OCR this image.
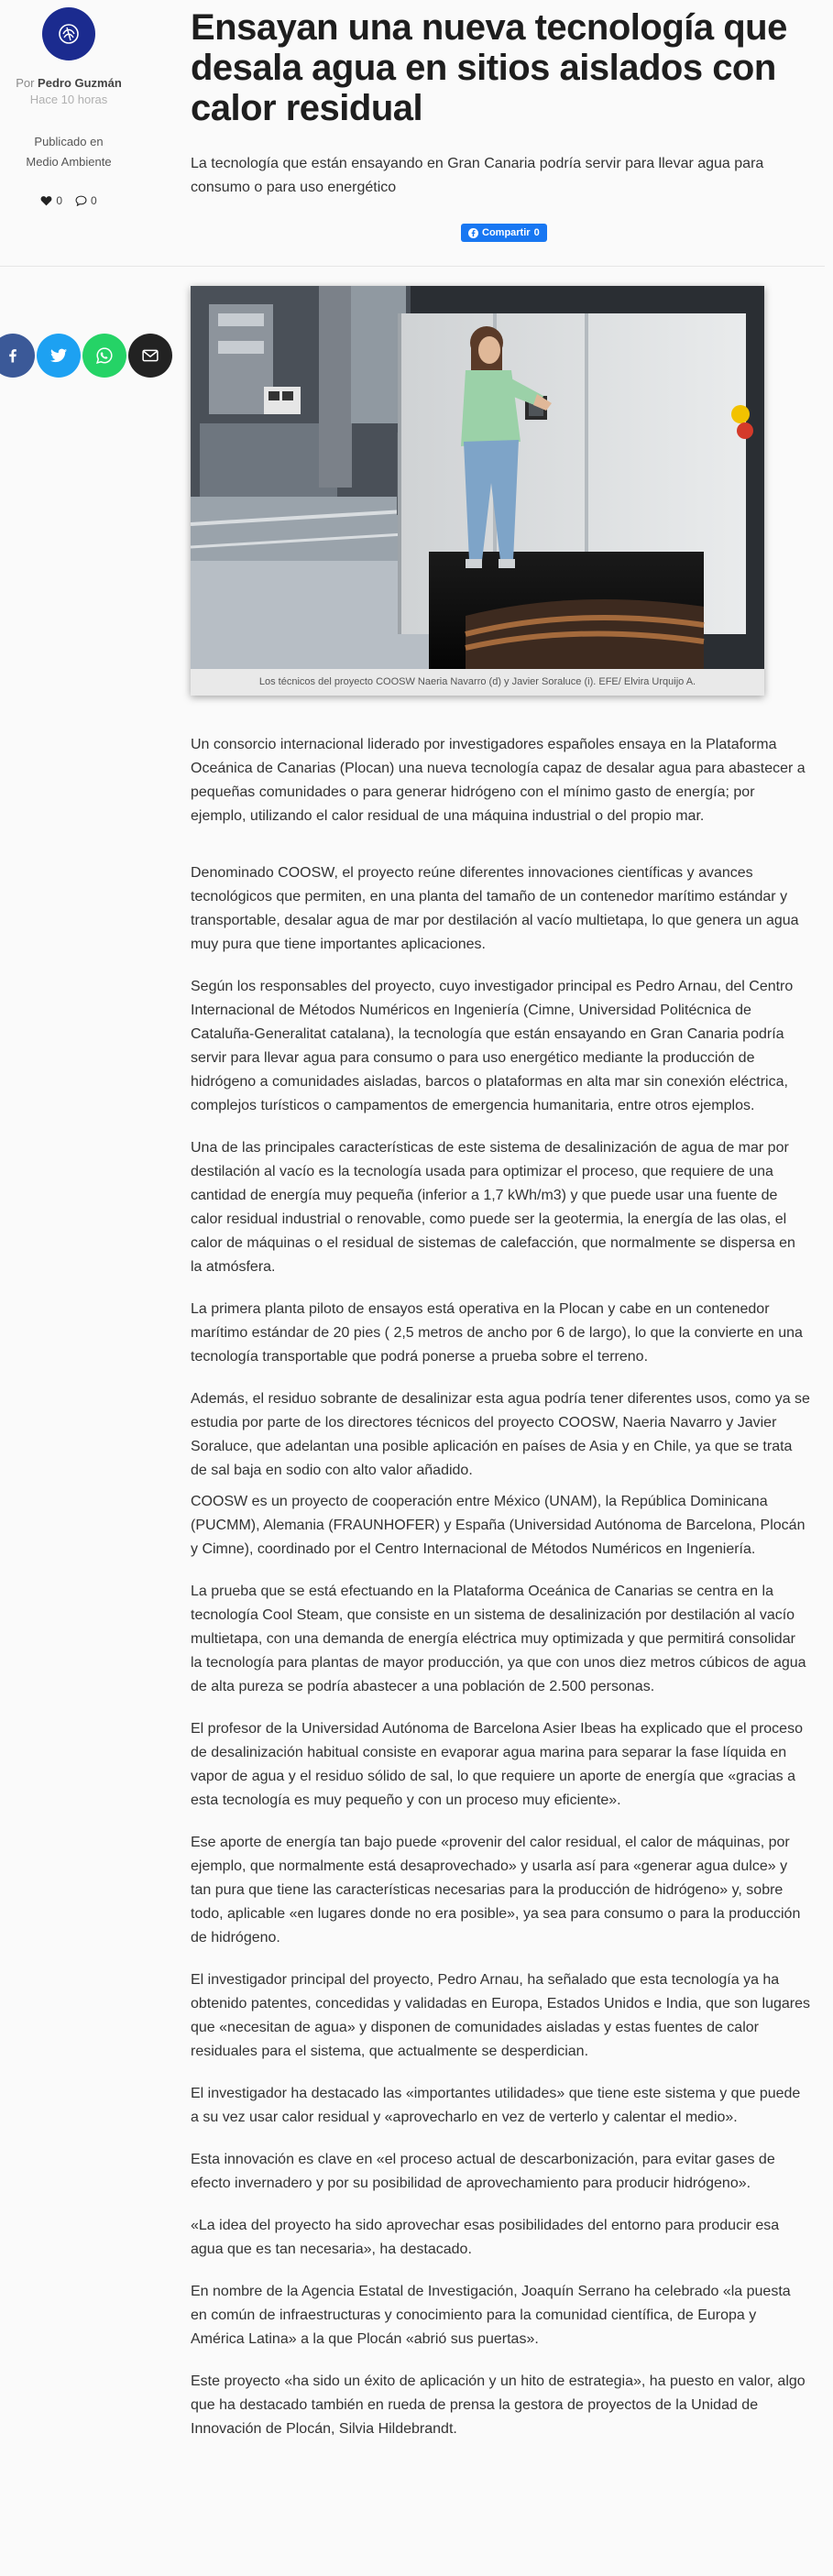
Por Pedro Guzmán
Hace 10 horas
Publicado en
Medio Ambiente
0	0
Ensayan una nueva tecnología que desala agua en sitios aislados con calor residual
La tecnología que están ensayando en Gran Canaria podría servir para llevar agua para consumo o para uso energético
Compartir 0
Los técnicos del proyecto COOSW Naeria Navarro (d) y Javier Soraluce (i). EFE/ Elvira Urquijo A.

Un consorcio internacional liderado por investigadores españoles ensaya en la Plataforma Oceánica de Canarias (Plocan) una nueva tecnología capaz de desalar agua para abastecer a pequeñas comunidades o para generar hidrógeno con el mínimo gasto de energía; por ejemplo, utilizando el calor residual de una máquina industrial o del propio mar.

Denominado COOSW, el proyecto reúne diferentes innovaciones científicas y avances tecnológicos que permiten, en una planta del tamaño de un contenedor marítimo estándar y transportable, desalar agua de mar por destilación al vacío multietapa, lo que genera un agua muy pura que tiene importantes aplicaciones.

Según los responsables del proyecto, cuyo investigador principal es Pedro Arnau, del Centro Internacional de Métodos Numéricos en Ingeniería (Cimne, Universidad Politécnica de Cataluña-Generalitat catalana), la tecnología que están ensayando en Gran Canaria podría servir para llevar agua para consumo o para uso energético mediante la producción de hidrógeno a comunidades aisladas, barcos o plataformas en alta mar sin conexión eléctrica, complejos turísticos o campamentos de emergencia humanitaria, entre otros ejemplos.

Una de las principales características de este sistema de desalinización de agua de mar por destilación al vacío es la tecnología usada para optimizar el proceso, que requiere de una cantidad de energía muy pequeña (inferior a 1,7 kWh/m3) y que puede usar una fuente de calor residual industrial o renovable, como puede ser la geotermia, la energía de las olas, el calor de máquinas o el residual de sistemas de calefacción, que normalmente se dispersa en la atmósfera.

La primera planta piloto de ensayos está operativa en la Plocan y cabe en un contenedor marítimo estándar de 20 pies ( 2,5 metros de ancho por 6 de largo), lo que la convierte en una tecnología transportable que podrá ponerse a prueba sobre el terreno.

Además, el residuo sobrante de desalinizar esta agua podría tener diferentes usos, como ya se estudia por parte de los directores técnicos del proyecto COOSW, Naeria Navarro y Javier Soraluce, que adelantan una posible aplicación en países de Asia y en Chile, ya que se trata de sal baja en sodio con alto valor añadido.

COOSW es un proyecto de cooperación entre México (UNAM), la República Dominicana (PUCMM), Alemania (FRAUNHOFER) y España (Universidad Autónoma de Barcelona, Plocán y Cimne), coordinado por el Centro Internacional de Métodos Numéricos en Ingeniería.

La prueba que se está efectuando en la Plataforma Oceánica de Canarias se centra en la tecnología Cool Steam, que consiste en un sistema de desalinización por destilación al vacío multietapa, con una demanda de energía eléctrica muy optimizada y que permitirá consolidar la tecnología para plantas de mayor producción, ya que con unos diez metros cúbicos de agua de alta pureza se podría abastecer a una población de 2.500 personas.

El profesor de la Universidad Autónoma de Barcelona Asier Ibeas ha explicado que el proceso de desalinización habitual consiste en evaporar agua marina para separar la fase líquida en vapor de agua y el residuo sólido de sal, lo que requiere un aporte de energía que «gracias a esta tecnología es muy pequeño y con un proceso muy eficiente».

Ese aporte de energía tan bajo puede «provenir del calor residual, el calor de máquinas, por ejemplo, que normalmente está desaprovechado» y usarla así para «generar agua dulce» y tan pura que tiene las características necesarias para la producción de hidrógeno» y, sobre todo, aplicable «en lugares donde no era posible», ya sea para consumo o para la producción de hidrógeno.

El investigador principal del proyecto, Pedro Arnau, ha señalado que esta tecnología ya ha obtenido patentes, concedidas y validadas en Europa, Estados Unidos e India, que son lugares que «necesitan de agua» y disponen de comunidades aisladas y estas fuentes de calor residuales para el sistema, que actualmente se desperdician.

El investigador ha destacado las «importantes utilidades» que tiene este sistema y que puede a su vez usar calor residual y «aprovecharlo en vez de verterlo y calentar el medio».

Esta innovación es clave en «el proceso actual de descarbonización, para evitar gases de efecto invernadero y por su posibilidad de aprovechamiento para producir hidrógeno».

«La idea del proyecto ha sido aprovechar esas posibilidades del entorno para producir esa agua que es tan necesaria», ha destacado.

En nombre de la Agencia Estatal de Investigación, Joaquín Serrano ha celebrado «la puesta en común de infraestructuras y conocimiento para la comunidad científica, de Europa y América Latina» a la que Plocán «abrió sus puertas».

Este proyecto «ha sido un éxito de aplicación y un hito de estrategia», ha puesto en valor, algo que ha destacado también en rueda de prensa la gestora de proyectos de la Unidad de Innovación de Plocán, Silvia Hildebrandt.
